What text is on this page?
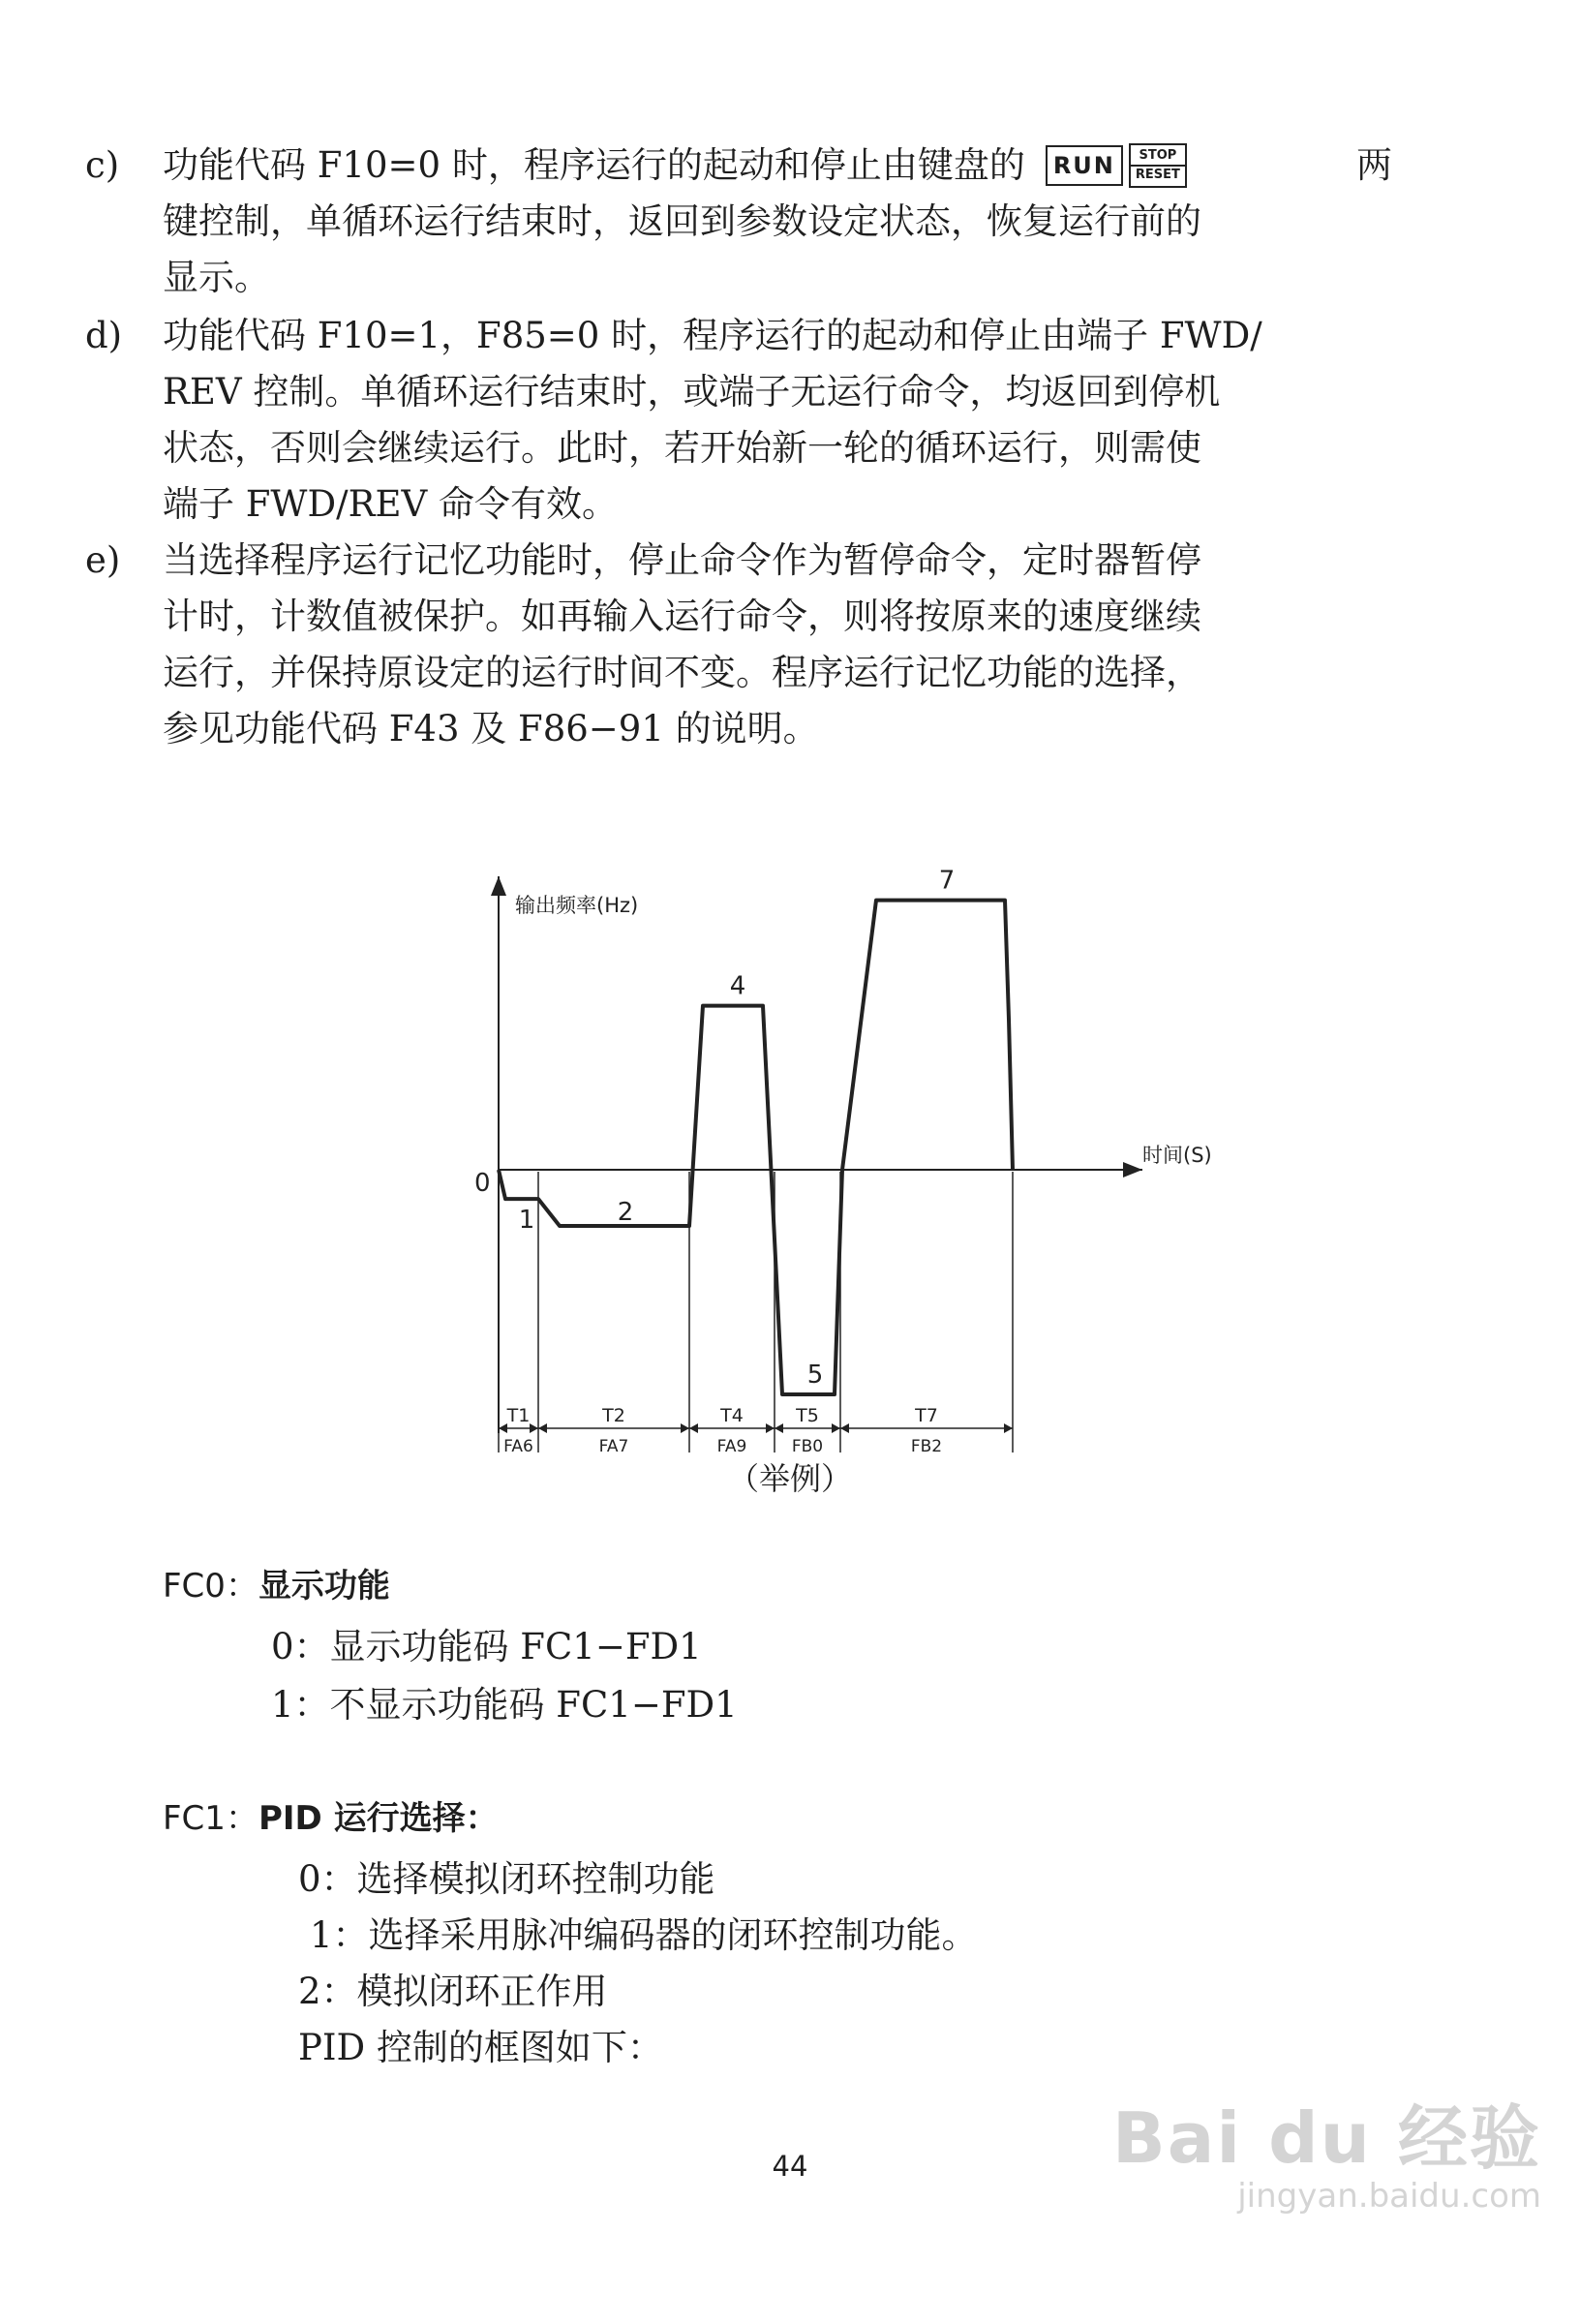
c)	功能代码 F10=0 时，程序运行的起动和停止由键盘的	RUN	STOP
RESET	两
键控制，单循环运行结束时，返回到参数设定状态，恢复运行前的
显示。
d)	功能代码 F10=1，F85=0 时，程序运行的起动和停止由端子 FWD/
REV 控制。单循环运行结束时，或端子无运行命令，均返回到停机
状态，否则会继续运行。此时，若开始新一轮的循环运行，则需使
端子 FWD/REV 命令有效。
e)	当选择程序运行记忆功能时，停止命令作为暂停命令，定时器暂停
计时，计数值被保护。如再输入运行命令，则将按原来的速度继续
运行，并保持原设定的运行时间不变。程序运行记忆功能的选择，
参见功能代码 F43 及 F86−91 的说明。
输出频率(Hz)
时间(S)
0
1	2
4
5
7
T1
FA6
T2
FA7
T4
FA9
T5
FB0
T7
FB2
（举例）
FC0：显示功能
0：显示功能码 FC1−FD1
1：不显示功能码 FC1−FD1
FC1：PID 运行选择：
0：选择模拟闭环控制功能
1：选择采用脉冲编码器的闭环控制功能。
2：模拟闭环正作用
PID 控制的框图如下：
44	Bai du 经验
jingyan.baidu.com
